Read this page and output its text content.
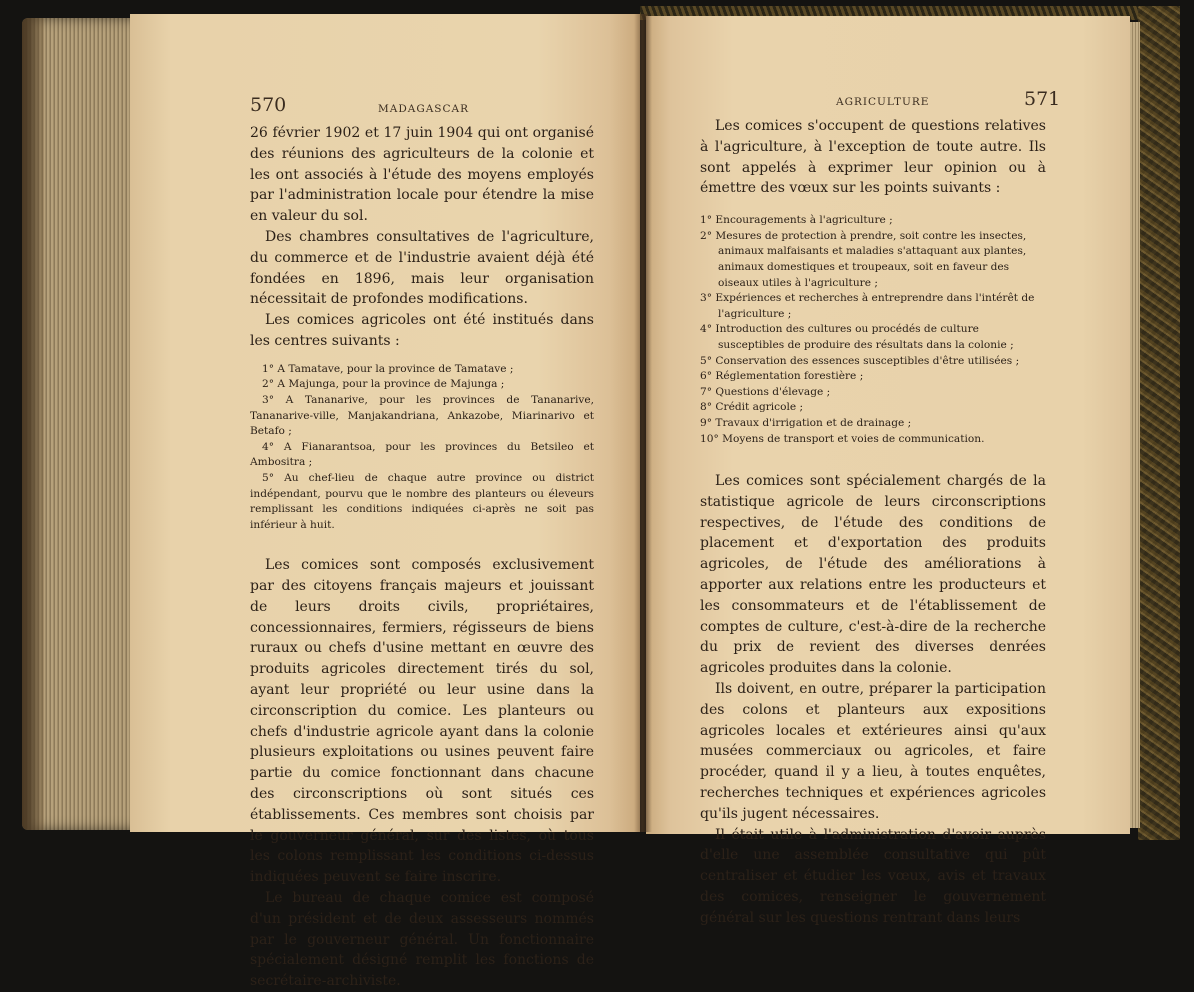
570	MADAGASCAR

26 février 1902 et 17 juin 1904 qui ont organisé des réunions des agriculteurs de la colonie et les ont associés à l'étude des moyens employés par l'administration locale pour étendre la mise en valeur du sol.

Des chambres consultatives de l'agriculture, du commerce et de l'industrie avaient déjà été fondées en 1896, mais leur organisation nécessitait de profondes modifications.

Les comices agricoles ont été institués dans les centres suivants :

1° A Tamatave, pour la province de Tamatave ;
2° A Majunga, pour la province de Majunga ;
3° A Tananarive, pour les provinces de Tananarive, Tananarive-ville, Manjakandriana, Ankazobe, Miarinarivo et Betafo ;
4° A Fianarantsoa, pour les provinces du Betsileo et Ambositra ;
5° Au chef-lieu de chaque autre province ou district indépendant, pourvu que le nombre des planteurs ou éleveurs remplissant les conditions indiquées ci-après ne soit pas inférieur à huit.

Les comices sont composés exclusivement par des citoyens français majeurs et jouissant de leurs droits civils, propriétaires, concessionnaires, fermiers, régisseurs de biens ruraux ou chefs d'usine mettant en œuvre des produits agricoles directement tirés du sol, ayant leur propriété ou leur usine dans la circonscription du comice. Les planteurs ou chefs d'industrie agricole ayant dans la colonie plusieurs exploitations ou usines peuvent faire partie du comice fonctionnant dans chacune des circonscriptions où sont situés ces établissements. Ces membres sont choisis par le gouverneur général, sur des listes, où tous les colons remplissant les conditions ci-dessus indiquées peuvent se faire inscrire.

Le bureau de chaque comice est composé d'un président et de deux assesseurs nommés par le gouverneur général. Un fonctionnaire spécialement désigné remplit les fonctions de secrétaire-archiviste.

AGRICULTURE	571

Les comices s'occupent de questions relatives à l'agriculture, à l'exception de toute autre. Ils sont appelés à exprimer leur opinion ou à émettre des vœux sur les points suivants :

1° Encouragements à l'agriculture ;
2° Mesures de protection à prendre, soit contre les insectes, animaux malfaisants et maladies s'attaquant aux plantes, animaux domestiques et troupeaux, soit en faveur des oiseaux utiles à l'agriculture ;
3° Expériences et recherches à entreprendre dans l'intérêt de l'agriculture ;
4° Introduction des cultures ou procédés de culture susceptibles de produire des résultats dans la colonie ;
5° Conservation des essences susceptibles d'être utilisées ;
6° Réglementation forestière ;
7° Questions d'élevage ;
8° Crédit agricole ;
9° Travaux d'irrigation et de drainage ;
10° Moyens de transport et voies de communication.

Les comices sont spécialement chargés de la statistique agricole de leurs circonscriptions respectives, de l'étude des conditions de placement et d'exportation des produits agricoles, de l'étude des améliorations à apporter aux relations entre les producteurs et les consommateurs et de l'établissement de comptes de culture, c'est-à-dire de la recherche du prix de revient des diverses denrées agricoles produites dans la colonie.

Ils doivent, en outre, préparer la participation des colons et planteurs aux expositions agricoles locales et extérieures ainsi qu'aux musées commerciaux ou agricoles, et faire procéder, quand il y a lieu, à toutes enquêtes, recherches techniques et expériences agricoles qu'ils jugent nécessaires.

Il était utile à l'administration d'avoir auprès d'elle une assemblée consultative qui pût centraliser et étudier les vœux, avis et travaux des comices, renseigner le gouvernement général sur les questions rentrant dans leurs
